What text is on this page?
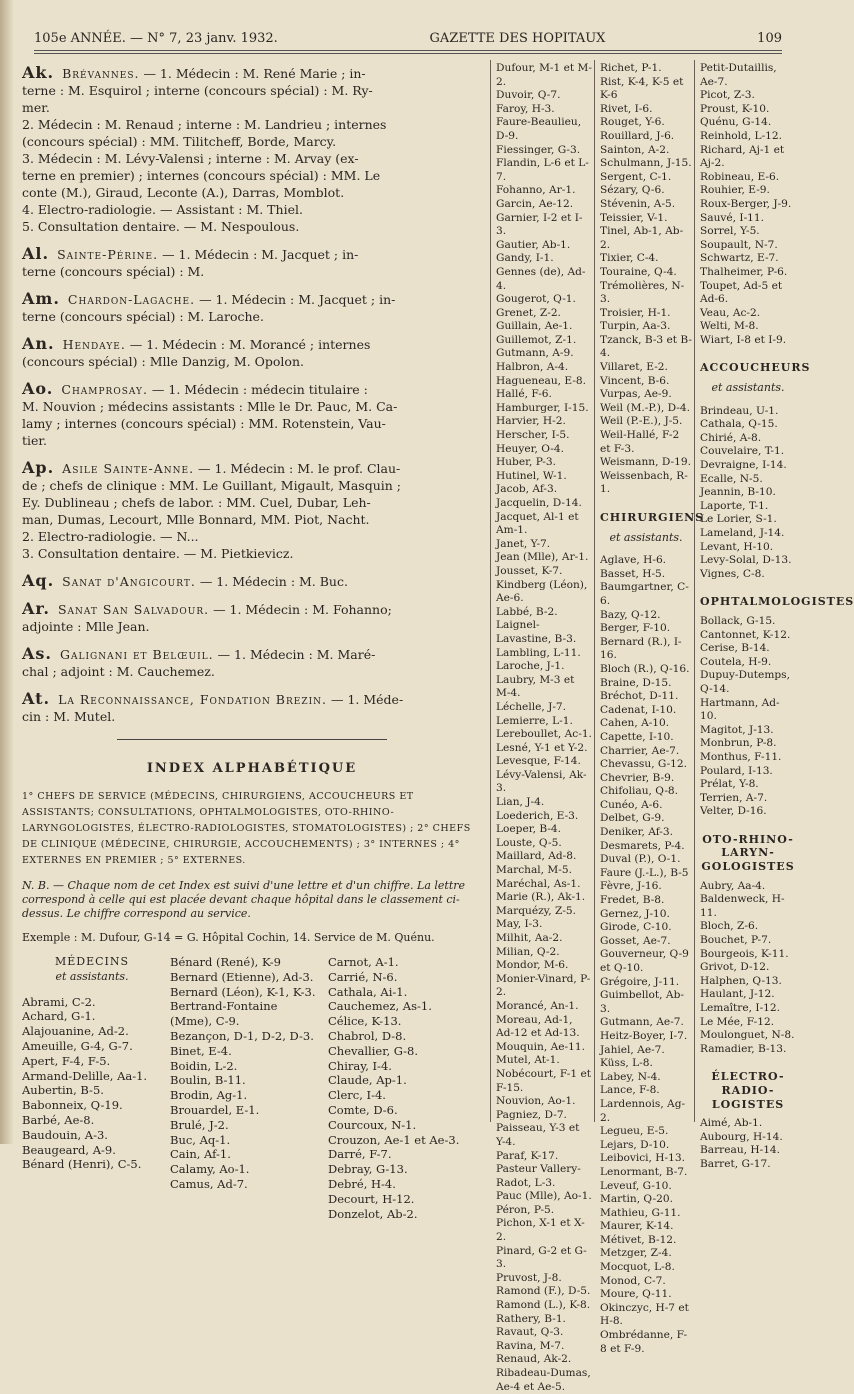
105e ANNÉE. — N° 7, 23 janv. 1932.	GAZETTE DES HOPITAUX	109
Ak. Brévannes. — 1. Médecin : M. René Marie ; in-
terne : M. Esquirol ; interne (concours spécial) : M. Ry-
mer.
2. Médecin : M. Renaud ; interne : M. Landrieu ; internes
(concours spécial) : MM. Tilitcheff, Borde, Marcy.
3. Médecin : M. Lévy-Valensi ; interne : M. Arvay (ex-
terne en premier) ; internes (concours spécial) : MM. Le
conte (M.), Giraud, Leconte (A.), Darras, Momblot.
4. Electro-radiologie. — Assistant : M. Thiel.
5. Consultation dentaire. — M. Nespoulous.
Al. Sainte-Périne. — 1. Médecin : M. Jacquet ; in-
terne (concours spécial) : M.
Am. Chardon-Lagache. — 1. Médecin : M. Jacquet ; in-
terne (concours spécial) : M. Laroche.
An. Hendaye. — 1. Médecin : M. Morancé ; internes
(concours spécial) : Mlle Danzig, M. Opolon.
Ao. Champrosay. — 1. Médecin : médecin titulaire :
M. Nouvion ; médecins assistants : Mlle le Dr. Pauc, M. Ca-
lamy ; internes (concours spécial) : MM. Rotenstein, Vau-
tier.
Ap. Asile Sainte-Anne. — 1. Médecin : M. le prof. Clau-
de ; chefs de clinique : MM. Le Guillant, Migault, Masquin ;
Ey. Dublineau ; chefs de labor. : MM. Cuel, Dubar, Leh-
man, Dumas, Lecourt, Mlle Bonnard, MM. Piot, Nacht.
2. Electro-radiologie. — N...
3. Consultation dentaire. — M. Pietkievicz.
Aq. Sanat d'Angicourt. — 1. Médecin : M. Buc.
Ar. Sanat San Salvadour. — 1. Médecin : M. Fohanno;
adjointe : Mlle Jean.
As. Galignani et Belœuil. — 1. Médecin : M. Maré-
chal ; adjoint : M. Cauchemez.
At. La Reconnaissance, Fondation Brezin. — 1. Méde-
cin : M. Mutel.
INDEX ALPHABÉTIQUE
1° CHEFS DE SERVICE (MÉDECINS, CHIRURGIENS, ACCOUCHEURS ET ASSISTANTS; CONSULTATIONS, OPHTALMOLOGISTES, OTO-RHINO-LARYNGOLOGISTES, ÉLECTRO-RADIOLOGISTES, STOMATOLOGISTES) ; 2° CHEFS DE CLINIQUE (MÉDECINE, CHIRURGIE, ACCOUCHEMENTS) ; 3° INTERNES ; 4° EXTERNES EN PREMIER ; 5° EXTERNES.
N. B. — Chaque nom de cet Index est suivi d'une lettre et d'un chiffre. La lettre correspond à celle qui est placée devant chaque hôpital dans le classement ci-dessus. Le chiffre correspond au service.
Exemple : M. Dufour, G-14 = G. Hôpital Cochin, 14. Service de M. Quénu.
MÉDECINS
et assistants.
Abrami, C-2.
Achard, G-1.
Alajouanine, Ad-2.
Ameuille, G-4, G-7.
Apert, F-4, F-5.
Armand-Delille, Aa-1.
Aubertin, B-5.
Babonneix, Q-19.
Barbé, Ae-8.
Baudouin, A-3.
Beaugeard, A-9.
Bénard (Henri), C-5.
Bénard (René), K-9
Bernard (Etienne), Ad-3.
Bernard (Léon), K-1, K-3.
Bertrand-Fontaine (Mme), C-9.
Bezançon, D-1, D-2, D-3.
Binet, E-4.
Boidin, L-2.
Boulin, B-11.
Brodin, Ag-1.
Brouardel, E-1.
Brulé, J-2.
Buc, Aq-1.
Cain, Af-1.
Calamy, Ao-1.
Camus, Ad-7.
Carnot, A-1.
Carrié, N-6.
Cathala, Ai-1.
Cauchemez, As-1.
Célice, K-13.
Chabrol, D-8.
Chevallier, G-8.
Chiray, I-4.
Claude, Ap-1.
Clerc, I-4.
Comte, D-6.
Courcoux, N-1.
Crouzon, Ae-1 et Ae-3.
Darré, F-7.
Debray, G-13.
Debré, H-4.
Decourt, H-12.
Donzelot, Ab-2.
Dufour, M-1 et M-2.
Duvoir, Q-7.
Faroy, H-3.
Faure-Beaulieu, D-9.
Fiessinger, G-3.
Flandin, L-6 et L-7.
Fohanno, Ar-1.
Garcin, Ae-12.
Garnier, I-2 et I-3.
Gautier, Ab-1.
Gandy, I-1.
Gennes (de), Ad-4.
Gougerot, Q-1.
Grenet, Z-2.
Guillain, Ae-1.
Guillemot, Z-1.
Gutmann, A-9.
Halbron, A-4.
Hagueneau, E-8.
Hallé, F-6.
Hamburger, I-15.
Harvier, H-2.
Herscher, I-5.
Heuyer, O-4.
Huber, P-3.
Hutinel, W-1.
Jacob, Af-3.
Jacquelin, D-14.
Jacquet, Al-1 et Am-1.
Janet, Y-7.
Jean (Mlle), Ar-1.
Jousset, K-7.
Kindberg (Léon), Ae-6.
Labbé, B-2.
Laignel-Lavastine, B-3.
Lambling, L-11.
Laroche, J-1.
Laubry, M-3 et M-4.
Léchelle, J-7.
Lemierre, L-1.
Lereboullet, Ac-1.
Lesné, Y-1 et Y-2.
Levesque, F-14.
Lévy-Valensi, Ak-3.
Lian, J-4.
Loederich, E-3.
Loeper, B-4.
Louste, Q-5.
Maillard, Ad-8.
Marchal, M-5.
Maréchal, As-1.
Marie (R.), Ak-1.
Marquézy, Z-5.
May, I-3.
Milhit, Aa-2.
Milian, Q-2.
Mondor, M-6.
Monier-Vinard, P-2.
Morancé, An-1.
Moreau, Ad-1, Ad-12 et Ad-13.
Mouquin, Ae-11.
Mutel, At-1.
Nobécourt, F-1 et F-15.
Nouvion, Ao-1.
Pagniez, D-7.
Paisseau, Y-3 et Y-4.
Paraf, K-17.
Pasteur Vallery-Radot, L-3.
Pauc (Mlle), Ao-1.
Péron, P-5.
Pichon, X-1 et X-2.
Pinard, G-2 et G-3.
Pruvost, J-8.
Ramond (F.), D-5.
Ramond (L.), K-8.
Rathery, B-1.
Ravaut, Q-3.
Ravina, M-7.
Renaud, Ak-2.
Ribadeau-Dumas, Ae-4 et Ae-5.
Richet, P-1.
Rist, K-4, K-5 et K-6
Rivet, I-6.
Rouget, Y-6.
Rouillard, J-6.
Sainton, A-2.
Schulmann, J-15.
Sergent, C-1.
Sézary, Q-6.
Stévenin, A-5.
Teissier, V-1.
Tinel, Ab-1, Ab-2.
Tixier, C-4.
Touraine, Q-4.
Trémolières, N-3.
Troisier, H-1.
Turpin, Aa-3.
Tzanck, B-3 et B-4.
Villaret, E-2.
Vincent, B-6.
Vurpas, Ae-9.
Weil (M.-P.), D-4.
Weil (P.-E.), J-5.
Weil-Hallé, F-2 et F-3.
Weismann, D-19.
Weissenbach, R-1.
CHIRURGIENS
et assistants.
Aglave, H-6.
Basset, H-5.
Baumgartner, C-6.
Bazy, Q-12.
Berger, F-10.
Bernard (R.), I-16.
Bloch (R.), Q-16.
Braine, D-15.
Bréchot, D-11.
Cadenat, I-10.
Cahen, A-10.
Capette, I-10.
Charrier, Ae-7.
Chevassu, G-12.
Chevrier, B-9.
Chifoliau, Q-8.
Cunéo, A-6.
Delbet, G-9.
Deniker, Af-3.
Desmarets, P-4.
Duval (P.), O-1.
Faure (J.-L.), B-5
Fèvre, J-16.
Fredet, B-8.
Gernez, J-10.
Girode, C-10.
Gosset, Ae-7.
Gouverneur, Q-9 et Q-10.
Grégoire, J-11.
Guimbellot, Ab-3.
Gutmann, Ae-7.
Heitz-Boyer, I-7.
Jahiel, Ae-7.
Küss, L-8.
Labey, N-4.
Lance, F-8.
Lardennois, Ag-2.
Legueu, E-5.
Lejars, D-10.
Leibovici, H-13.
Lenormant, B-7.
Leveuf, G-10.
Martin, Q-20.
Mathieu, G-11.
Maurer, K-14.
Métivet, B-12.
Metzger, Z-4.
Mocquot, L-8.
Monod, C-7.
Moure, Q-11.
Okinczyc, H-7 et H-8.
Ombrédanne, F-8 et F-9.
Petit-Dutaillis, Ae-7.
Picot, Z-3.
Proust, K-10.
Quénu, G-14.
Reinhold, L-12.
Richard, Aj-1 et Aj-2.
Robineau, E-6.
Rouhier, E-9.
Roux-Berger, J-9.
Sauvé, I-11.
Sorrel, Y-5.
Soupault, N-7.
Schwartz, E-7.
Thalheimer, P-6.
Toupet, Ad-5 et Ad-6.
Veau, Ac-2.
Welti, M-8.
Wiart, I-8 et I-9.
ACCOUCHEURS
et assistants.
Brindeau, U-1.
Cathala, Q-15.
Chirié, A-8.
Couvelaire, T-1.
Devraigne, I-14.
Ecalle, N-5.
Jeannin, B-10.
Laporte, T-1.
Le Lorier, S-1.
Lameland, J-14.
Levant, H-10.
Levy-Solal, D-13.
Vignes, C-8.
OPHTALMOLOGISTES
Bollack, G-15.
Cantonnet, K-12.
Cerise, B-14.
Coutela, H-9.
Dupuy-Dutemps, Q-14.
Hartmann, Ad-10.
Magitot, J-13.
Monbrun, P-8.
Monthus, F-11.
Poulard, I-13.
Prélat, Y-8.
Terrien, A-7.
Velter, D-16.
OTO-RHINO-LARYN-GOLOGISTES
Aubry, Aa-4.
Baldenweck, H-11.
Bloch, Z-6.
Bouchet, P-7.
Bourgeois, K-11.
Grivot, D-12.
Halphen, Q-13.
Haulant, J-12.
Lemaître, I-12.
Le Mée, F-12.
Moulonguet, N-8.
Ramadier, B-13.
ÉLECTRO-RADIO-LOGISTES
Aimé, Ab-1.
Aubourg, H-14.
Barreau, H-14.
Barret, G-17.
